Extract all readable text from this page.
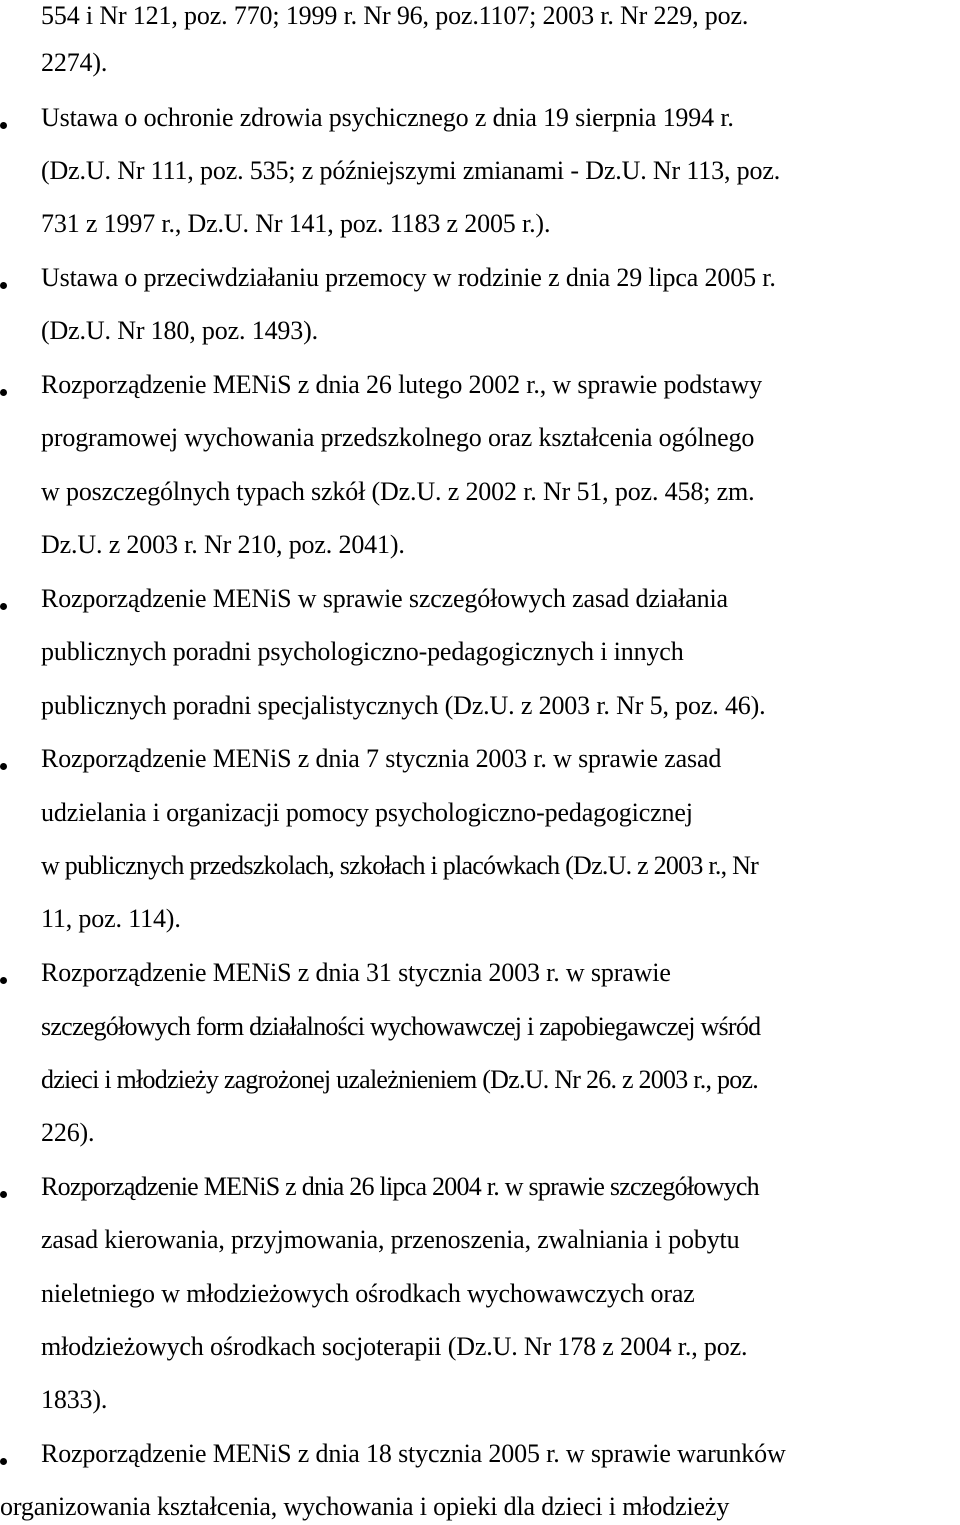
554 i Nr 121, poz. 770; 1999 r. Nr 96, poz.1107; 2003 r. Nr 229, poz.
2274).
Ustawa o ochronie zdrowia psychicznego z dnia 19 sierpnia 1994 r.
(Dz.U. Nr 111, poz. 535; z późniejszymi zmianami - Dz.U. Nr 113, poz.
731 z 1997 r., Dz.U. Nr 141, poz. 1183 z 2005 r.).
Ustawa o przeciwdziałaniu przemocy w rodzinie z dnia 29 lipca 2005 r.
(Dz.U. Nr 180, poz. 1493).
Rozporządzenie MENiS z dnia 26 lutego 2002 r., w sprawie podstawy
programowej wychowania przedszkolnego oraz kształcenia ogólnego
w poszczególnych typach szkół (Dz.U. z 2002 r. Nr 51, poz. 458; zm.
Dz.U. z 2003 r. Nr 210, poz. 2041).
Rozporządzenie MENiS w sprawie szczegółowych zasad działania
publicznych poradni psychologiczno-pedagogicznych i innych
publicznych poradni specjalistycznych (Dz.U. z 2003 r. Nr 5, poz. 46).
Rozporządzenie MENiS z dnia 7 stycznia 2003 r. w sprawie zasad
udzielania i organizacji pomocy psychologiczno-pedagogicznej
w publicznych przedszkolach, szkołach i placówkach (Dz.U. z 2003 r., Nr
11, poz. 114).
Rozporządzenie MENiS z dnia 31 stycznia 2003 r. w sprawie
szczegółowych form działalności wychowawczej i zapobiegawczej wśród
dzieci i młodzieży zagrożonej uzależnieniem (Dz.U. Nr 26. z 2003 r., poz.
226).
Rozporządzenie MENiS z dnia 26 lipca 2004 r. w sprawie szczegółowych
zasad kierowania, przyjmowania, przenoszenia, zwalniania i pobytu
nieletniego w młodzieżowych ośrodkach wychowawczych oraz
młodzieżowych ośrodkach socjoterapii (Dz.U. Nr 178 z 2004 r., poz.
1833).
Rozporządzenie MENiS z dnia 18 stycznia 2005 r. w sprawie warunków
organizowania kształcenia, wychowania i opieki dla dzieci i młodzieży
